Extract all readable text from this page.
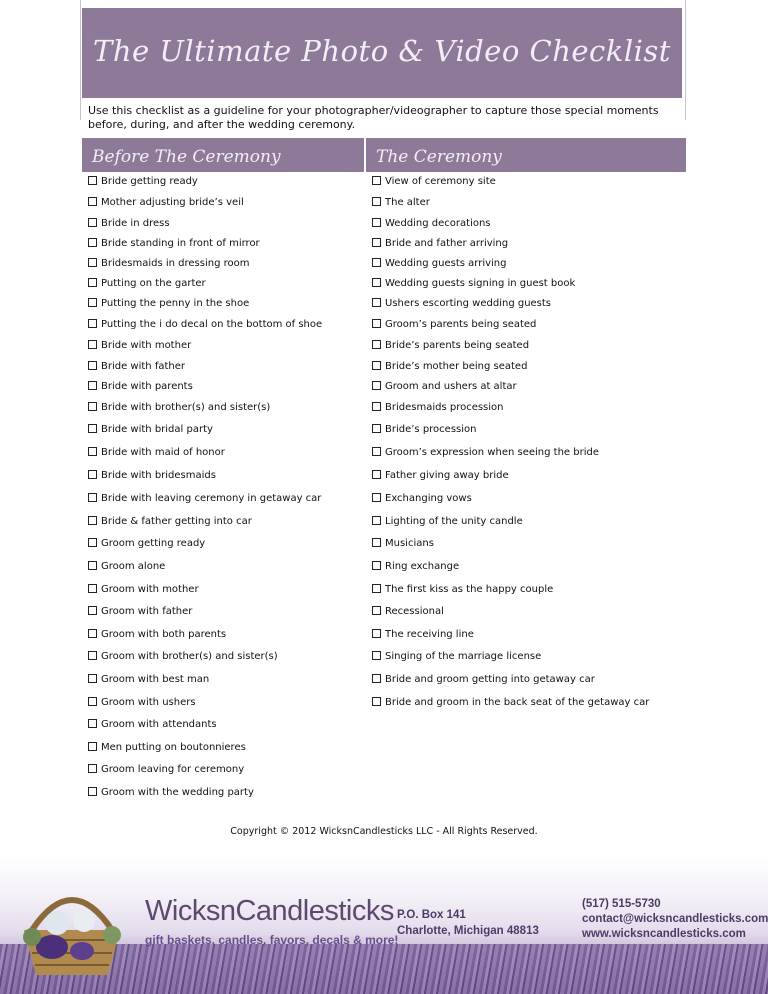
The Ultimate Photo & Video Checklist
Use this checklist as a guideline for your photographer/videographer to capture those special moments before, during, and after the wedding ceremony.
Before The Ceremony	The Ceremony
Bride getting ready
Mother adjusting bride’s veil
Bride in dress
Bride standing in front of mirror
Bridesmaids in dressing room
Putting on the garter
Putting the penny in the shoe
Putting the i do decal on the bottom of shoe
Bride with mother
Bride with father
Bride with parents
Bride with brother(s) and sister(s)
Bride with bridal party
Bride with maid of honor
Bride with bridesmaids
Bride with leaving ceremony in getaway car
Bride & father getting into car
Groom getting ready
Groom alone
Groom with mother
Groom with father
Groom with both parents
Groom with brother(s) and sister(s)
Groom with best man
Groom with ushers
Groom with attendants
Men putting on boutonnieres
Groom leaving for ceremony
Groom with the wedding party
View of ceremony site
The alter
Wedding decorations
Bride and father arriving
Wedding guests arriving
Wedding guests signing in guest book
Ushers escorting wedding guests
Groom’s parents being seated
Bride’s parents being seated
Bride’s mother being seated
Groom and ushers at altar
Bridesmaids procession
Bride’s procession
Groom’s expression when seeing the bride
Father giving away bride
Exchanging vows
Lighting of the unity candle
Musicians
Ring exchange
The first kiss as the happy couple
Recessional
The receiving line
Singing of the marriage license
Bride and groom getting into getaway car
Bride and groom in the back seat of the getaway car
Copyright © 2012 WicksnCandlesticks LLC - All Rights Reserved.
WicksnCandlesticks
gift baskets, candles, favors, decals & more!
P.O. Box 141
Charlotte, Michigan 48813
(517) 515-5730
contact@wicksncandlesticks.com
www.wicksncandlesticks.com
